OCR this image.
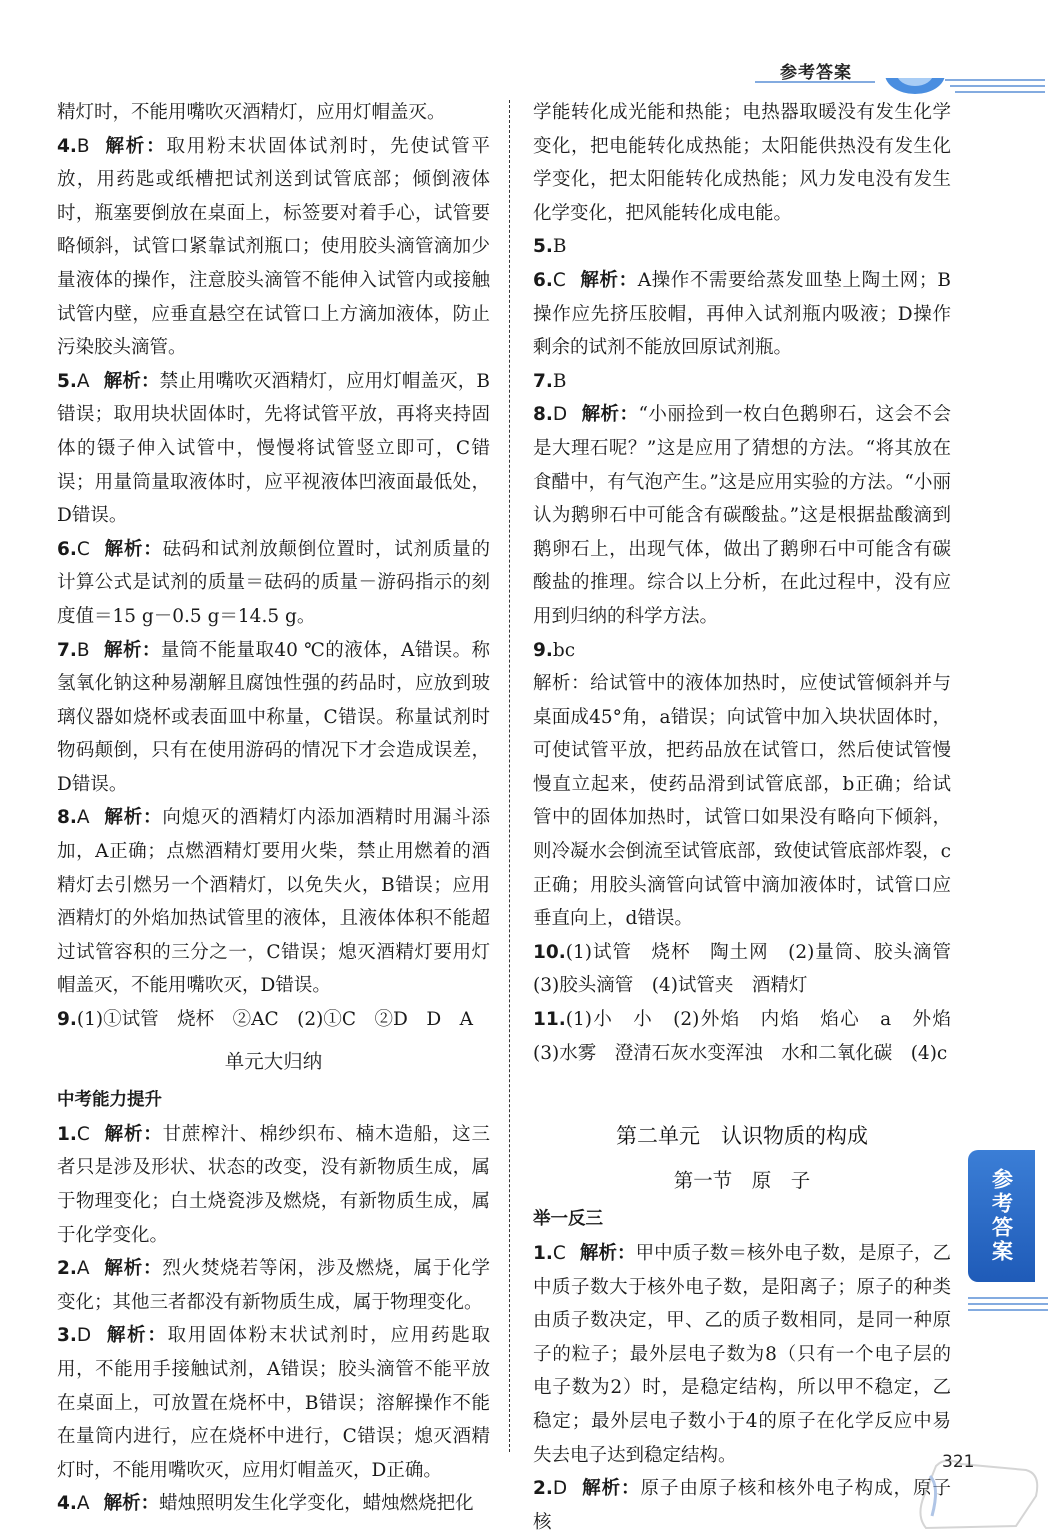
参考答案
精灯时，不能用嘴吹灭酒精灯，应用灯帽盖灭。
4.B 解析：取用粉末状固体试剂时，先使试管平放，用药匙或纸槽把试剂送到试管底部；倾倒液体时，瓶塞要倒放在桌面上，标签要对着手心，试管要略倾斜，试管口紧靠试剂瓶口；使用胶头滴管滴加少量液体的操作，注意胶头滴管不能伸入试管内或接触试管内壁，应垂直悬空在试管口上方滴加液体，防止污染胶头滴管。
5.A 解析：禁止用嘴吹灭酒精灯，应用灯帽盖灭，B错误；取用块状固体时，先将试管平放，再将夹持固体的镊子伸入试管中，慢慢将试管竖立即可，C错误；用量筒量取液体时，应平视液体凹液面最低处，D错误。
6.C 解析：砝码和试剂放颠倒位置时，试剂质量的计算公式是试剂的质量＝砝码的质量－游码指示的刻度值＝15 g－0.5 g＝14.5 g。
7.B 解析：量筒不能量取40 ℃的液体，A错误。称氢氧化钠这种易潮解且腐蚀性强的药品时，应放到玻璃仪器如烧杯或表面皿中称量，C错误。称量试剂时物码颠倒，只有在使用游码的情况下才会造成误差，D错误。
8.A 解析：向熄灭的酒精灯内添加酒精时用漏斗添加，A正确；点燃酒精灯要用火柴，禁止用燃着的酒精灯去引燃另一个酒精灯，以免失火，B错误；应用酒精灯的外焰加热试管里的液体，且液体体积不能超过试管容积的三分之一，C错误；熄灭酒精灯要用灯帽盖灭，不能用嘴吹灭，D错误。
9.(1)①试管　烧杯　②AC　(2)①C　②D　D　A
单元大归纳
中考能力提升
1.C 解析：甘蔗榨汁、棉纱织布、楠木造船，这三者只是涉及形状、状态的改变，没有新物质生成，属于物理变化；白土烧瓷涉及燃烧，有新物质生成，属于化学变化。
2.A 解析：烈火焚烧若等闲，涉及燃烧，属于化学变化；其他三者都没有新物质生成，属于物理变化。
3.D 解析：取用固体粉末状试剂时，应用药匙取用，不能用手接触试剂，A错误；胶头滴管不能平放在桌面上，可放置在烧杯中，B错误；溶解操作不能在量筒内进行，应在烧杯中进行，C错误；熄灭酒精灯时，不能用嘴吹灭，应用灯帽盖灭，D正确。
4.A 解析：蜡烛照明发生化学变化，蜡烛燃烧把化
学能转化成光能和热能；电热器取暖没有发生化学变化，把电能转化成热能；太阳能供热没有发生化学变化，把太阳能转化成热能；风力发电没有发生化学变化，把风能转化成电能。
5.B
6.C 解析：A操作不需要给蒸发皿垫上陶土网；B操作应先挤压胶帽，再伸入试剂瓶内吸液；D操作剩余的试剂不能放回原试剂瓶。
7.B
8.D 解析：“小丽捡到一枚白色鹅卵石，这会不会是大理石呢？”这是应用了猜想的方法。“将其放在食醋中，有气泡产生。”这是应用实验的方法。“小丽认为鹅卵石中可能含有碳酸盐。”这是根据盐酸滴到鹅卵石上，出现气体，做出了鹅卵石中可能含有碳酸盐的推理。综合以上分析，在此过程中，没有应用到归纳的科学方法。
9.bc
解析：给试管中的液体加热时，应使试管倾斜并与桌面成45°角，a错误；向试管中加入块状固体时，可使试管平放，把药品放在试管口，然后使试管慢慢直立起来，使药品滑到试管底部，b正确；给试管中的固体加热时，试管口如果没有略向下倾斜，则冷凝水会倒流至试管底部，致使试管底部炸裂，c正确；用胶头滴管向试管中滴加液体时，试管口应垂直向上，d错误。
10.(1)试管　烧杯　陶土网　(2)量筒、胶头滴管　(3)胶头滴管　(4)试管夹　酒精灯
11.(1)小　小　(2)外焰　内焰　焰心　a　外焰　(3)水雾　澄清石灰水变浑浊　水和二氧化碳　(4)c
第二单元　认识物质的构成
第一节　原　子
举一反三
1.C 解析：甲中质子数＝核外电子数，是原子，乙中质子数大于核外电子数，是阳离子；原子的种类由质子数决定，甲、乙的质子数相同，是同一种原子的粒子；最外层电子数为8（只有一个电子层的电子数为2）时，是稳定结构，所以甲不稳定，乙稳定；最外层电子数小于4的原子在化学反应中易失去电子达到稳定结构。
2.D 解析：原子由原子核和核外电子构成，原子核
参考答案
321
